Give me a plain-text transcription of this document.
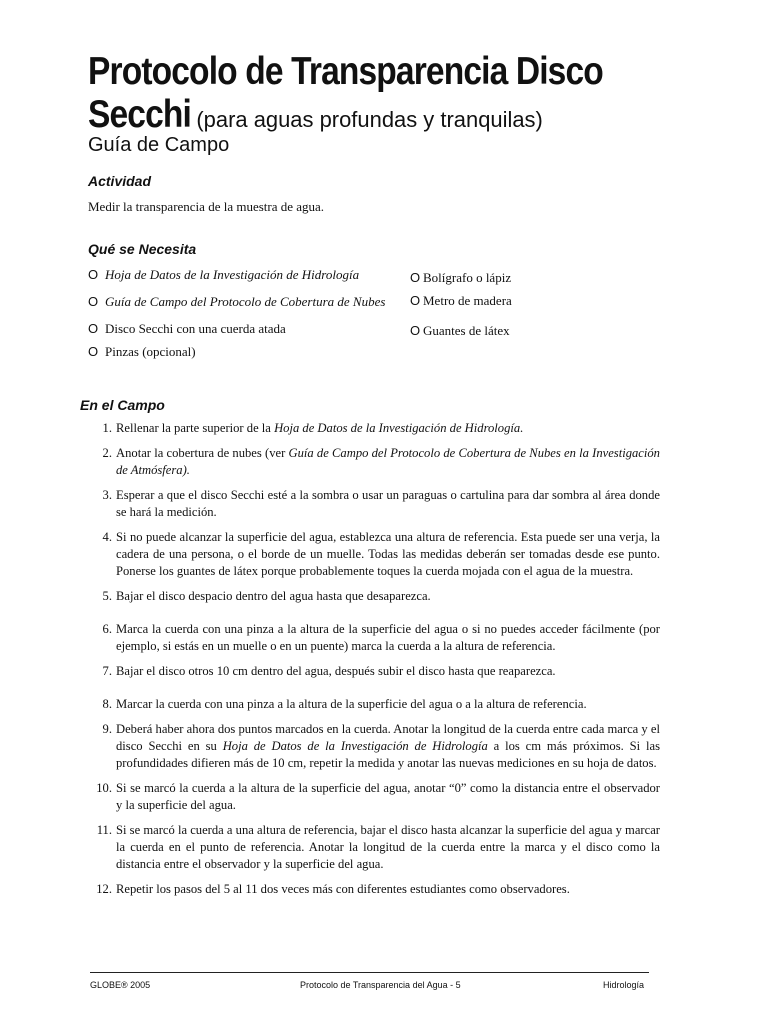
Protocolo de Transparencia Disco
Secchi (para aguas profundas y tranquilas)
Guía de Campo
Actividad
Medir la transparencia de la muestra de agua.
Qué se Necesita
O Hoja de Datos de la Investigación de Hidrología
O Guía de Campo del Protocolo de Cobertura de Nubes
O Disco Secchi con una cuerda atada
O Pinzas (opcional)
O Bolígrafo o lápiz
O Metro de madera
O Guantes de látex
En el Campo
1. Rellenar la parte superior de la Hoja de Datos de la Investigación de Hidrología.
2. Anotar la cobertura de nubes (ver Guía de Campo del Protocolo de Cobertura de Nubes en la Investigación de Atmósfera).
3. Esperar a que el disco Secchi esté a la sombra o usar un paraguas o cartulina para dar sombra al área donde se hará la medición.
4. Si no puede alcanzar la superficie del agua, establezca una altura de referencia. Esta puede ser una verja, la cadera de una persona, o el borde de un muelle. Todas las medidas deberán ser tomadas desde ese punto. Ponerse los guantes de látex porque probablemente toques la cuerda mojada con el agua de la muestra.
5. Bajar el disco despacio dentro del agua hasta que desaparezca.
6. Marca la cuerda con una pinza a la altura de la superficie del agua o si no puedes acceder fácilmente (por ejemplo, si estás en un muelle o en un puente) marca la cuerda a la altura de referencia.
7. Bajar el disco otros 10 cm dentro del agua, después subir el disco hasta que reaparezca.
8. Marcar la cuerda con una pinza a la altura de la superficie del agua o a la altura de referencia.
9. Deberá haber ahora dos puntos marcados en la cuerda. Anotar la longitud de la cuerda entre cada marca y el disco Secchi en su Hoja de Datos de la Investigación de Hidrología a los cm más próximos. Si las profundidades difieren más de 10 cm, repetir la medida y anotar las nuevas mediciones en su hoja de datos.
10. Si se marcó la cuerda a la altura de la superficie del agua, anotar “0” como la distancia entre el observador y la superficie del agua.
11. Si se marcó la cuerda a una altura de referencia, bajar el disco hasta alcanzar la superficie del agua y marcar la cuerda en el punto de referencia. Anotar la longitud de la cuerda entre la marca y el disco como la distancia entre el observador y la superficie del agua.
12. Repetir los pasos del 5 al 11 dos veces más con diferentes estudiantes como observadores.
GLOBE® 2005	Protocolo de Transparencia del Agua - 5	Hidrología
